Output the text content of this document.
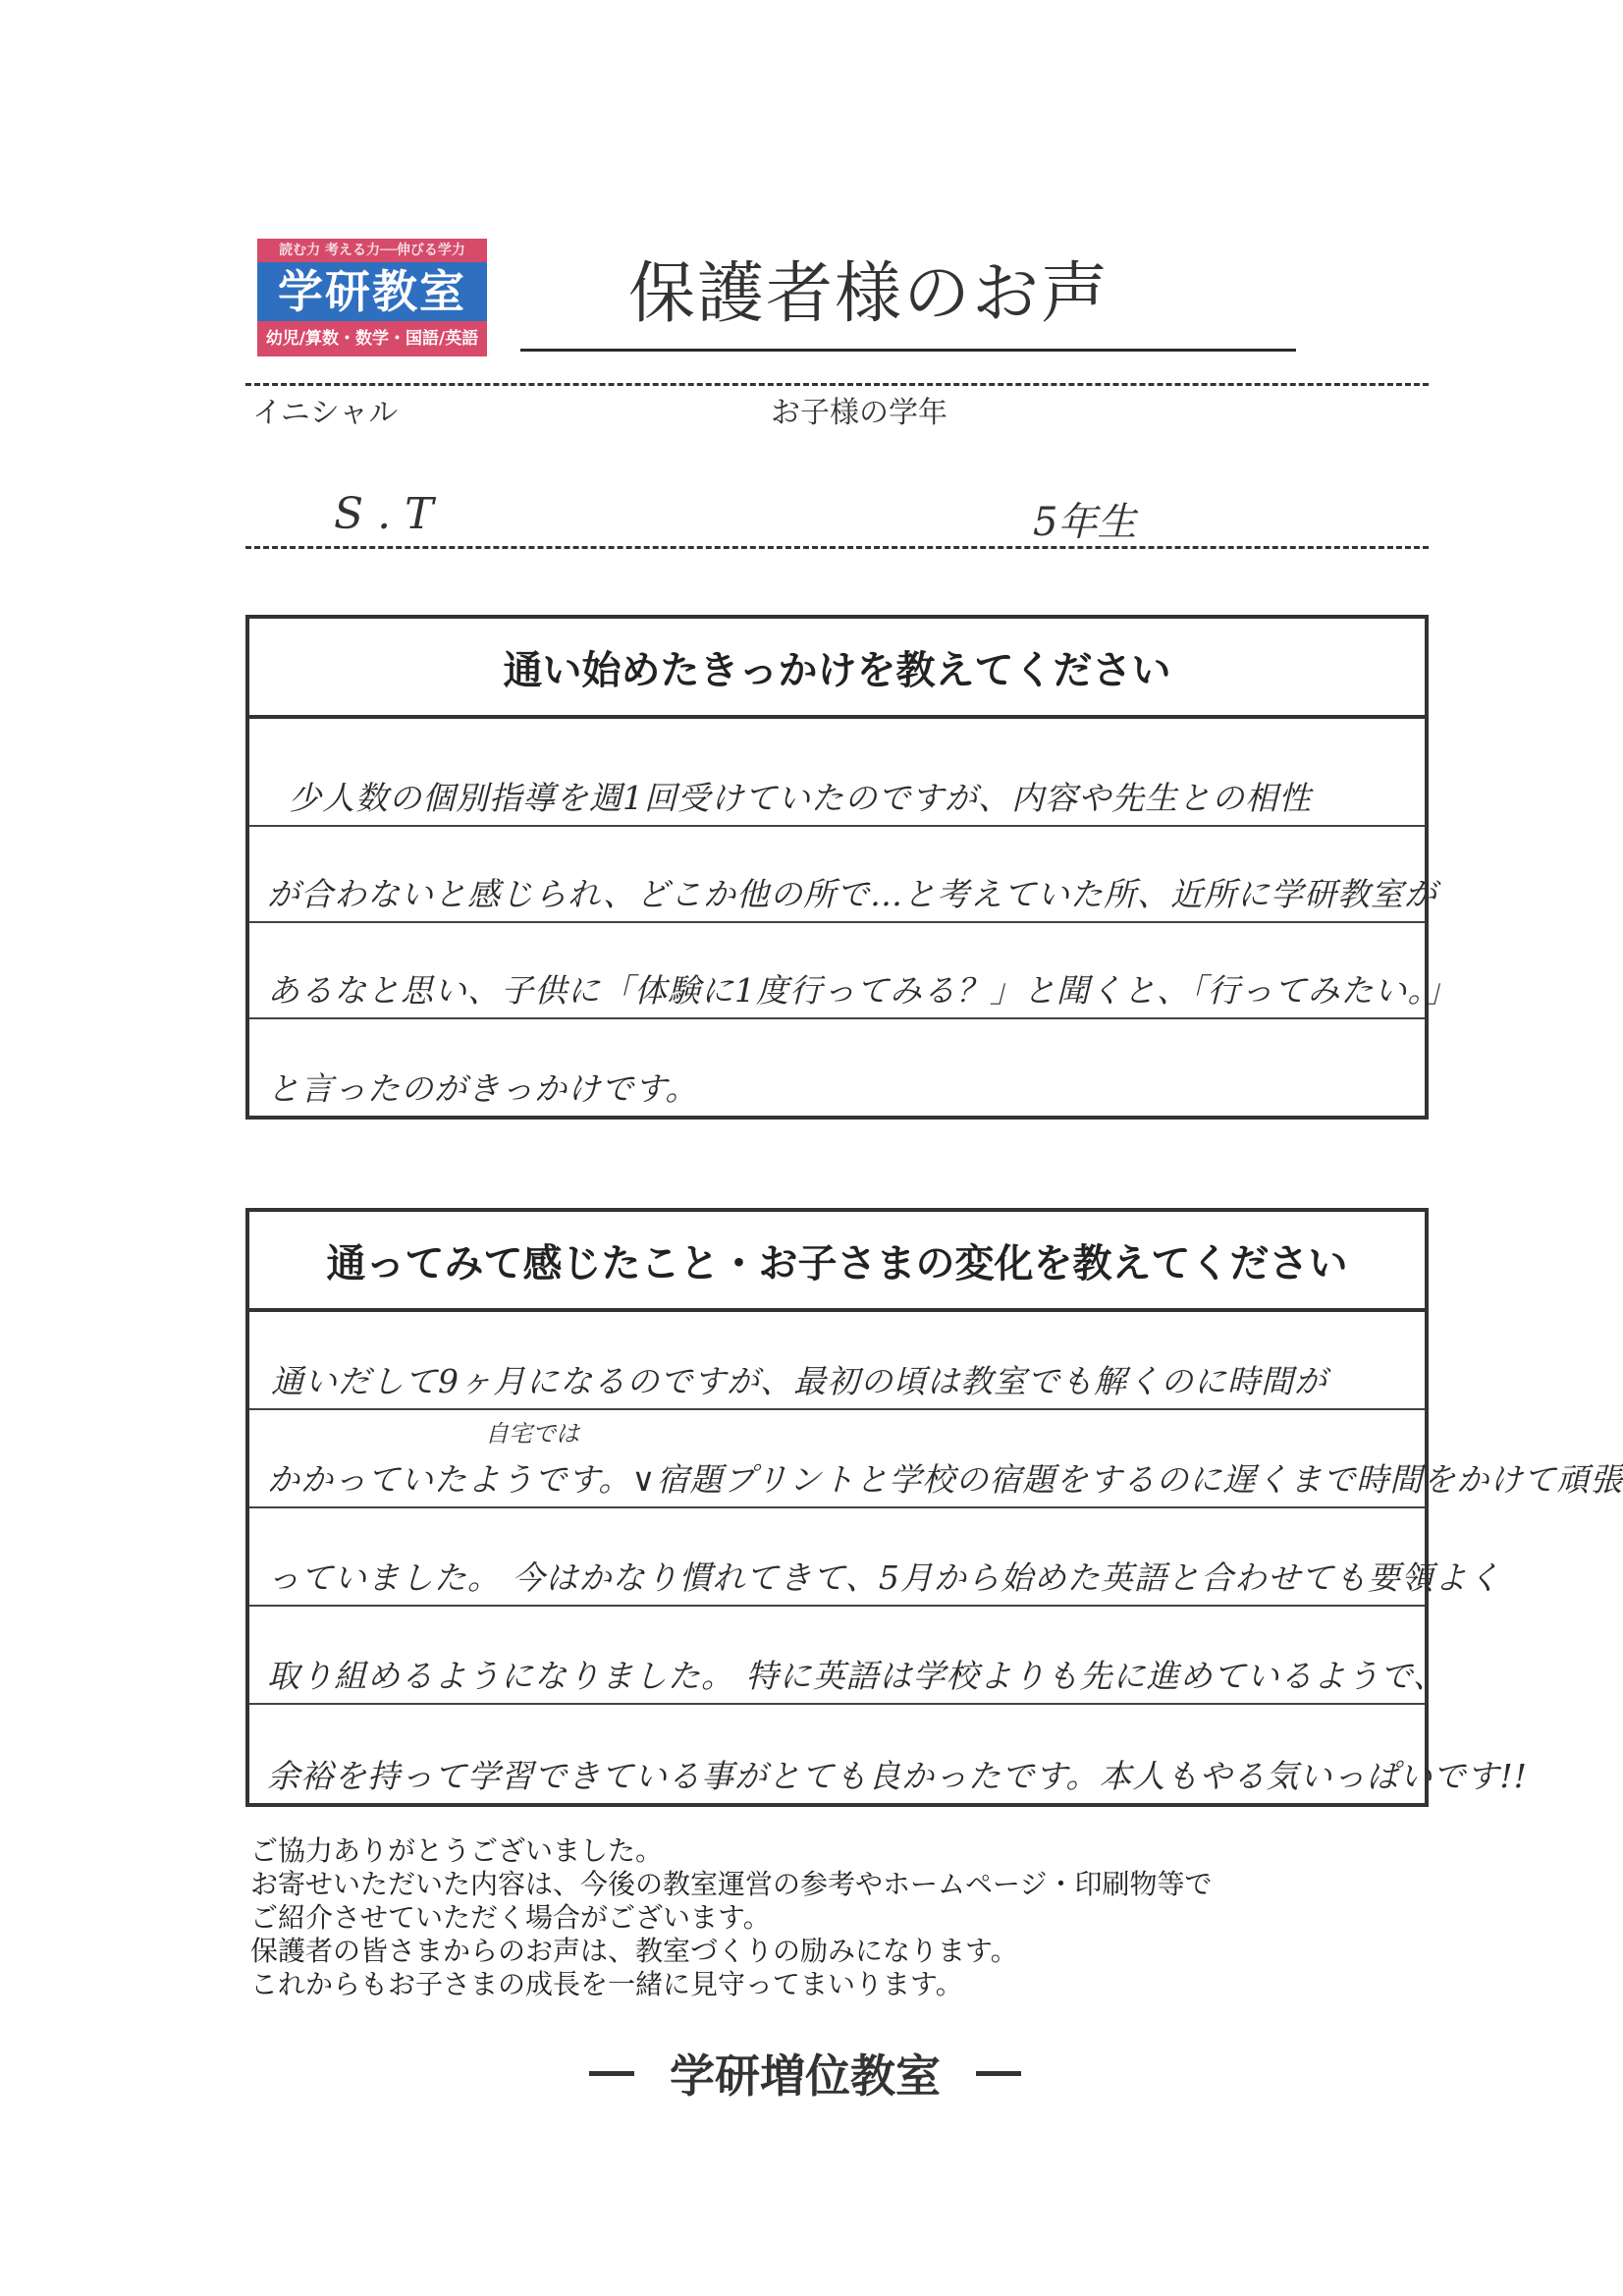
読む力 考える力──伸びる学力
学研教室
幼児/算数・数学・国語/英語
保護者様のお声
イニシャル	お子様の学年
S . T	5年生
通い始めたきっかけを教えてください
少人数の個別指導を週1回受けていたのですが、内容や先生との相性
が合わないと感じられ、どこか他の所で…と考えていた所、近所に学研教室が
あるなと思い、子供に「体験に1度行ってみる？」と聞くと、「行ってみたい。」
と言ったのがきっかけです。
通ってみて感じたこと・お子さまの変化を教えてください
通いだして9ヶ月になるのですが、最初の頃は教室でも解くのに時間が
自宅では
かかっていたようです。∨宿題プリントと学校の宿題をするのに遅くまで時間をかけて頑張
っていました。 今はかなり慣れてきて、5月から始めた英語と合わせても要領よく
取り組めるようになりました。 特に英語は学校よりも先に進めているようで、
余裕を持って学習できている事がとても良かったです。本人もやる気いっぱいです!!
ご協力ありがとうございました。
お寄せいただいた内容は、今後の教室運営の参考やホームページ・印刷物等で
ご紹介させていただく場合がございます。
保護者の皆さまからのお声は、教室づくりの励みになります。
これからもお子さまの成長を一緒に見守ってまいります。
学研増位教室
